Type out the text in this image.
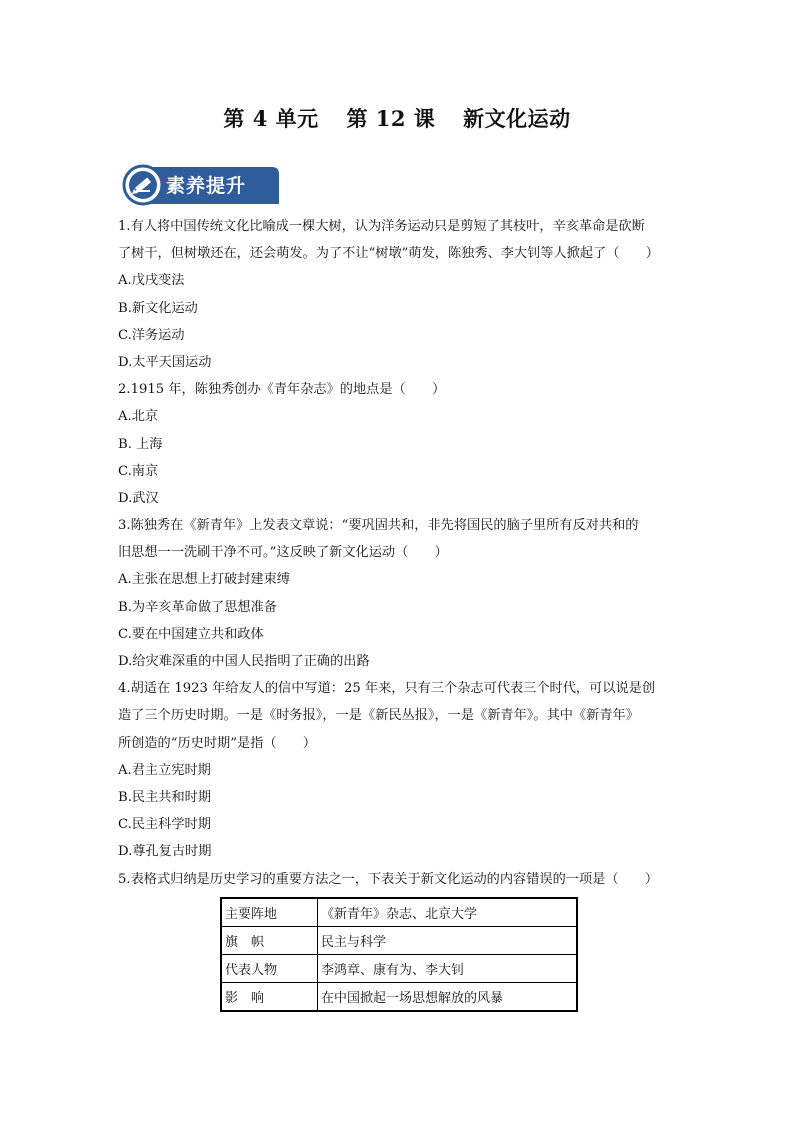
第 4 单元 第 12 课 新文化运动
素养提升
1.有人将中国传统文化比喻成一棵大树，认为洋务运动只是剪短了其枝叶，辛亥革命是砍断
了树干，但树墩还在，还会萌发。为了不让“树墩”萌发，陈独秀、李大钊等人掀起了（　　）
A.戊戌变法
B.新文化运动
C.洋务运动
D.太平天国运动
2.1915 年，陈独秀创办《青年杂志》的地点是（　　）
A.北京
B. 上海
C.南京
D.武汉
3.陈独秀在《新青年》上发表文章说：“要巩固共和，非先将国民的脑子里所有反对共和的
旧思想一一洗刷干净不可。”这反映了新文化运动（　　）
A.主张在思想上打破封建束缚
B.为辛亥革命做了思想准备
C.要在中国建立共和政体
D.给灾难深重的中国人民指明了正确的出路
4.胡适在 1923 年给友人的信中写道：25 年来，只有三个杂志可代表三个时代，可以说是创
造了三个历史时期。一是《时务报》，一是《新民丛报》，一是《新青年》。其中《新青年》
所创造的“历史时期”是指（　　）
A.君主立宪时期
B.民主共和时期
C.民主科学时期
D.尊孔复古时期
5.表格式归纳是历史学习的重要方法之一，下表关于新文化运动的内容错误的一项是（　　）
主要阵地	《新青年》杂志、北京大学
旗　帜	民主与科学
代表人物	李鸿章、康有为、李大钊
影　响	在中国掀起一场思想解放的风暴
